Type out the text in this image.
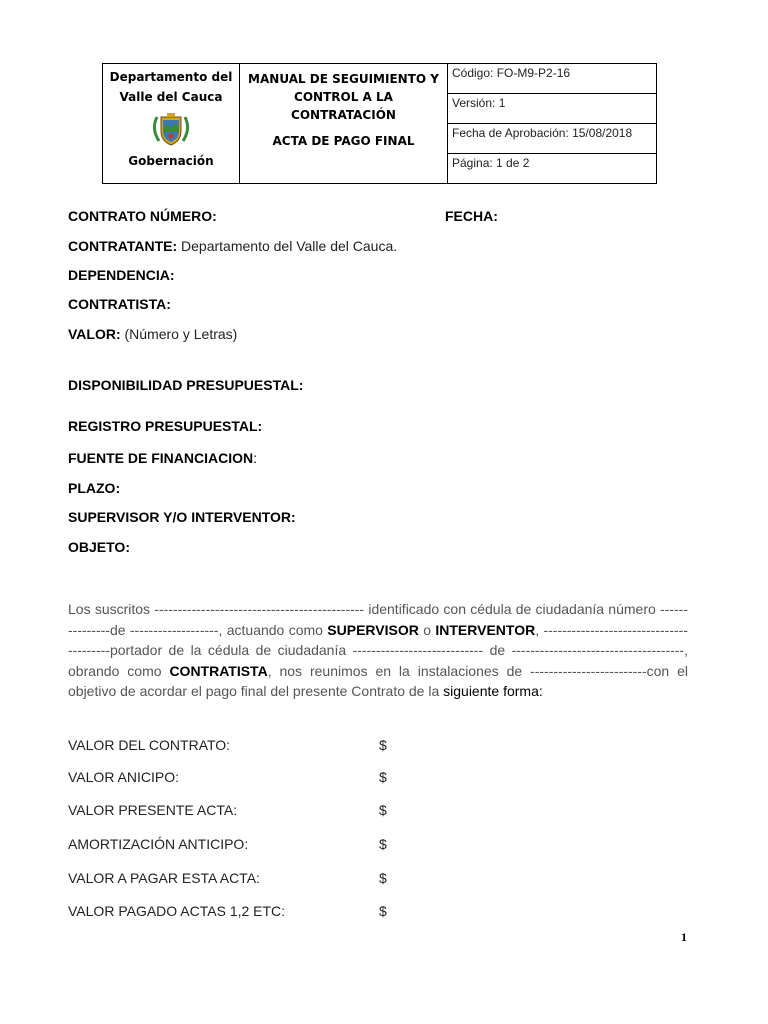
Departamento del
Valle del Cauca
Gobernación

MANUAL DE SEGUIMIENTO Y CONTROL A LA CONTRATACIÓN
ACTA DE PAGO FINAL
	Código: FO-M9-P2-16
Versión: 1
Fecha de Aprobación: 15/08/2018
Página: 1 de 2
CONTRATO NÚMERO:	FECHA:
CONTRATANTE: Departamento del Valle del Cauca.
DEPENDENCIA:
CONTRATISTA:
VALOR: (Número y Letras)
DISPONIBILIDAD PRESUPUESTAL:
REGISTRO PRESUPUESTAL:
FUENTE DE FINANCIACION:
PLAZO:
SUPERVISOR Y/O INTERVENTOR:
OBJETO:
Los suscritos --------------------------------------------- identificado con cédula de ciudadanía número ---------------de -------------------, actuando como SUPERVISOR o INTERVENTOR, ----------------------------------------portador de la cédula de ciudadanía ---------------------------- de -------------------------------------, obrando como CONTRATISTA, nos reunimos en la instalaciones de -------------------------con el objetivo de acordar el pago final del presente Contrato de la siguiente forma:
VALOR DEL CONTRATO:	$
VALOR ANICIPO:	$
VALOR PRESENTE ACTA:	$
AMORTIZACIÓN ANTICIPO:	$
VALOR A PAGAR ESTA ACTA:	$
VALOR PAGADO ACTAS 1,2 ETC:	$
1
